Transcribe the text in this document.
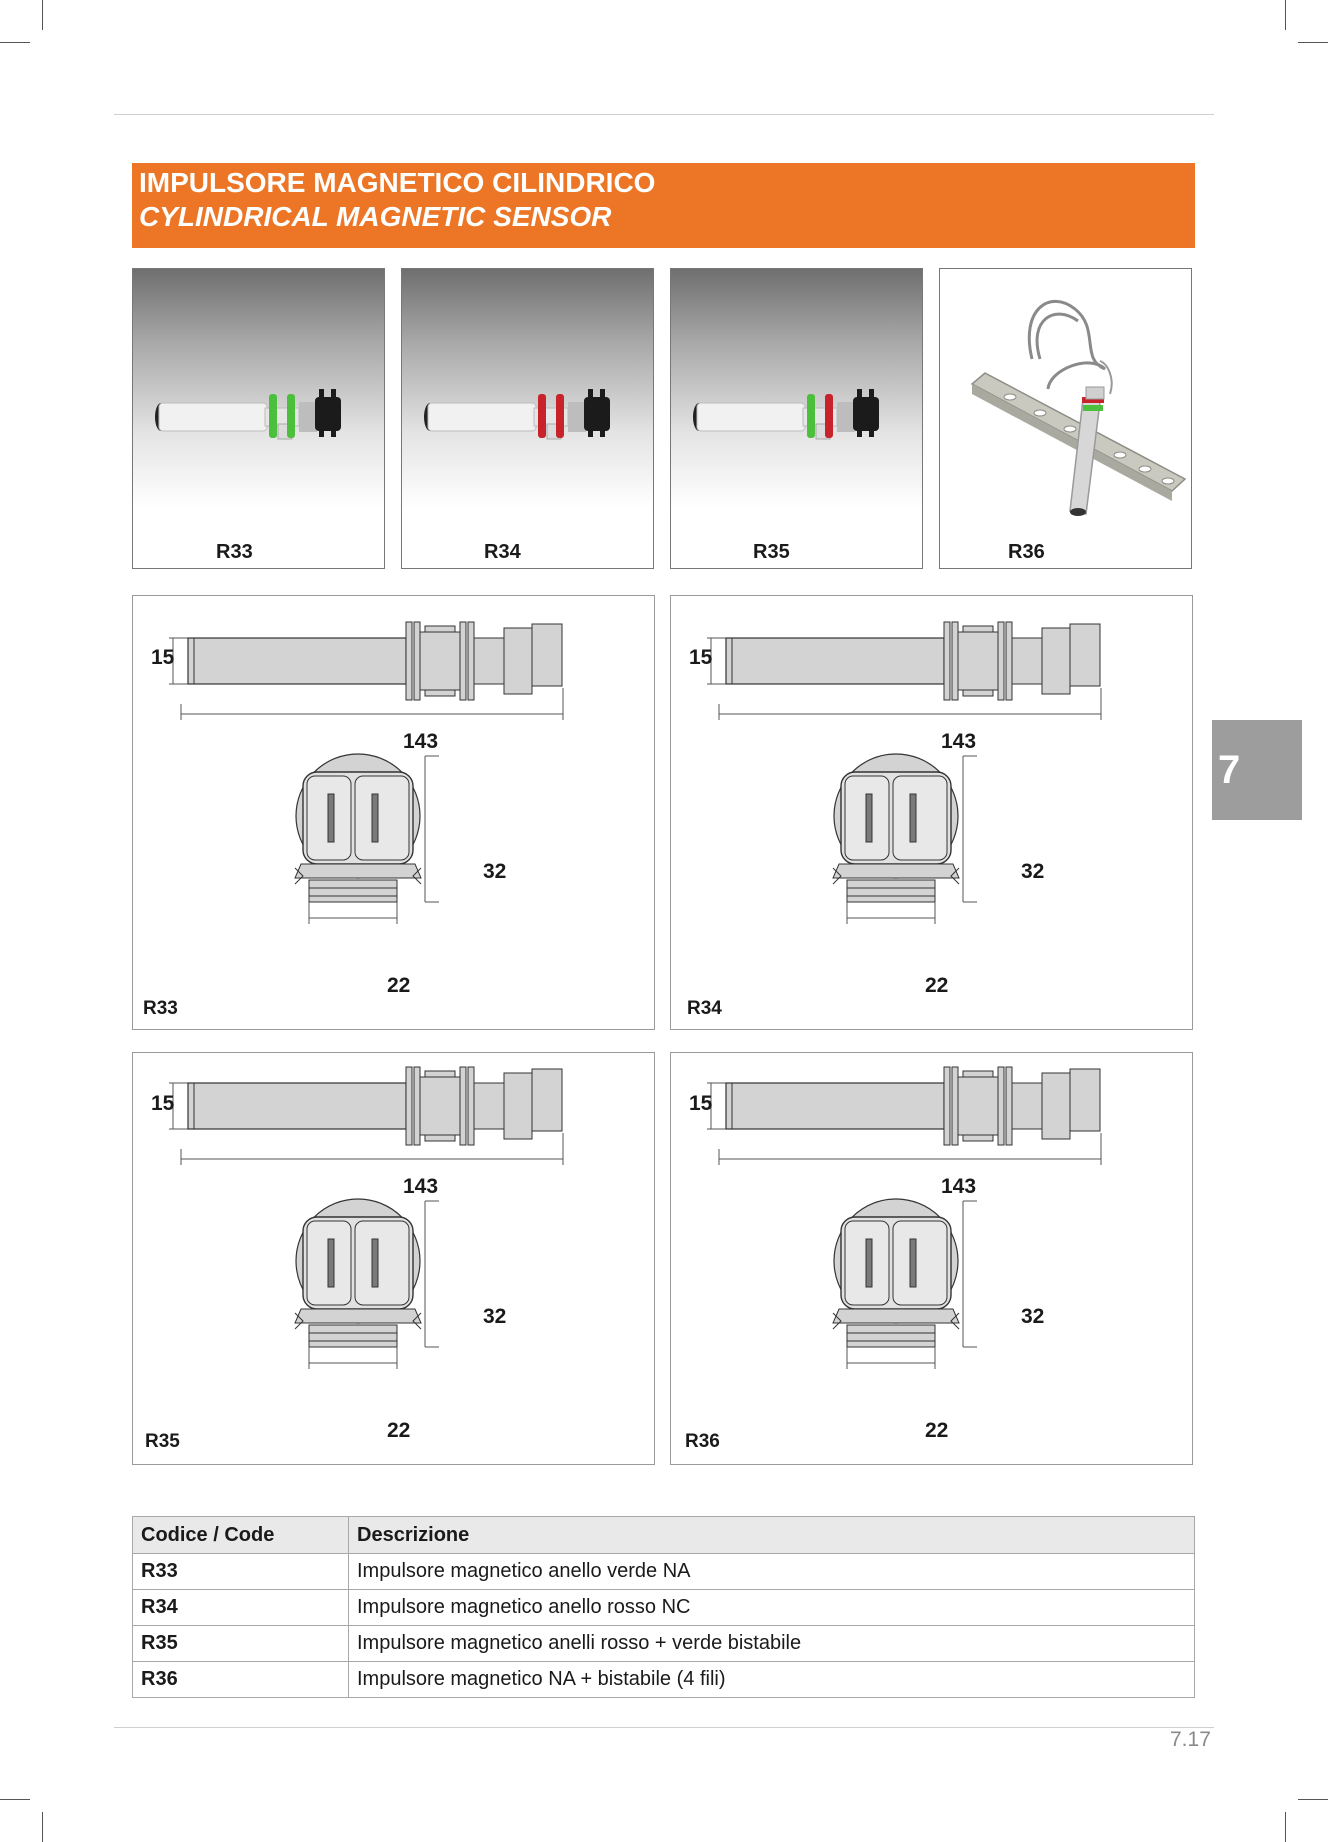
IMPULSORE MAGNETICO CILINDRICO
CYLINDRICAL MAGNETIC SENSOR
R33	R34	R35	R36
7
15
143
32
22
R33
15
143
32
22
R34
15
143
32
22
R35
15
143
32
22
R36
Codice / Code	Descrizione
R33	Impulsore magnetico anello verde NA
R34	Impulsore magnetico anello rosso NC
R35	Impulsore magnetico anelli rosso + verde bistabile
R36	Impulsore magnetico NA + bistabile (4 fili)
7.17
